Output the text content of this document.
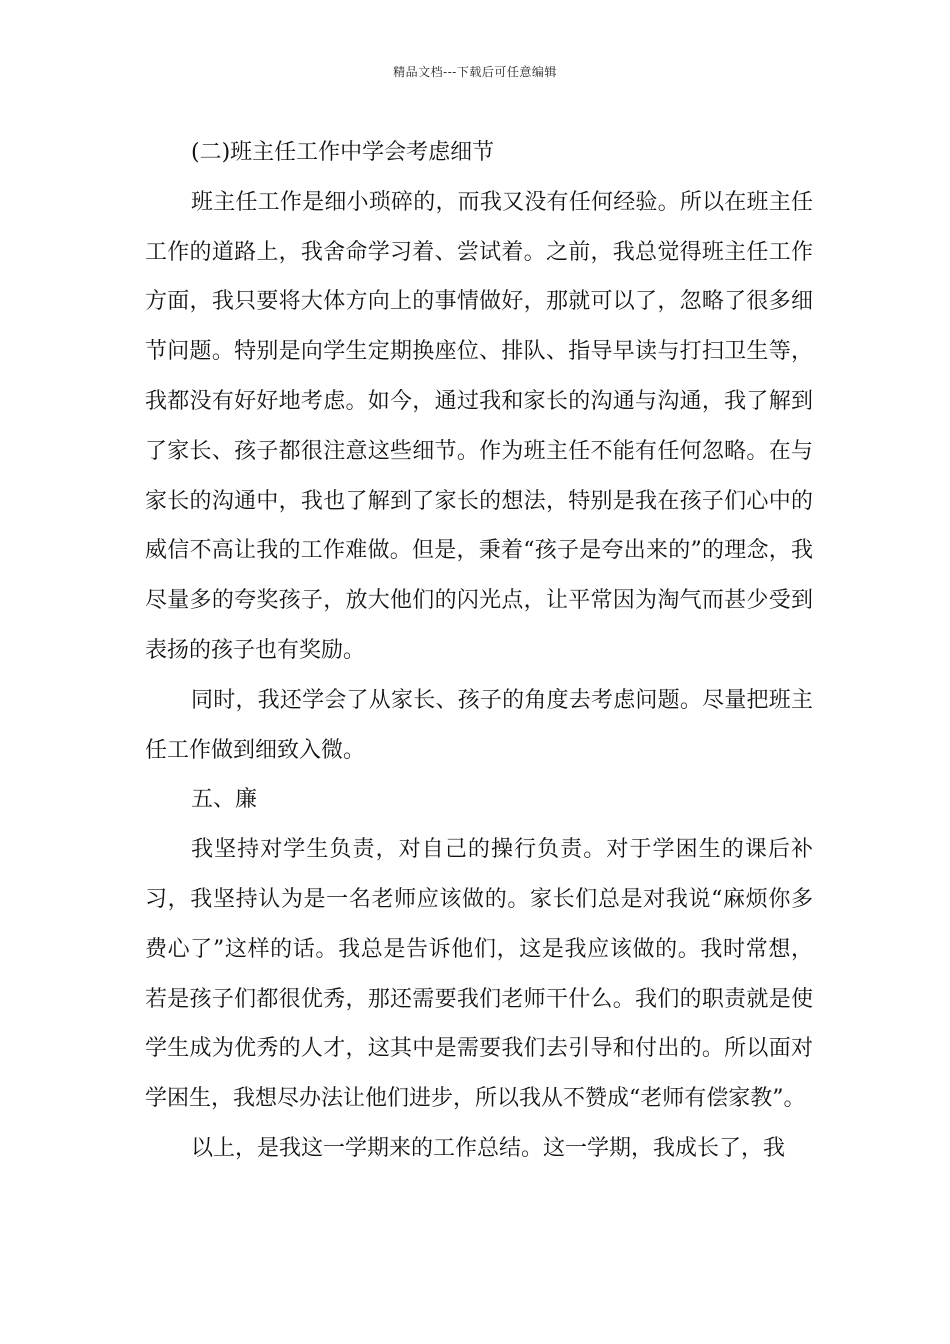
精品文档---下载后可任意编辑

(二)班主任工作中学会考虑细节

班主任工作是细小琐碎的，而我又没有任何经验。所以在班主任工作的道路上，我舍命学习着、尝试着。之前，我总觉得班主任工作方面，我只要将大体方向上的事情做好，那就可以了，忽略了很多细节问题。特别是向学生定期换座位、排队、指导早读与打扫卫生等，我都没有好好地考虑。如今，通过我和家长的沟通与沟通，我了解到了家长、孩子都很注意这些细节。作为班主任不能有任何忽略。在与家长的沟通中，我也了解到了家长的想法，特别是我在孩子们心中的威信不高让我的工作难做。但是，秉着“孩子是夸出来的”的理念，我尽量多的夸奖孩子，放大他们的闪光点，让平常因为淘气而甚少受到表扬的孩子也有奖励。

同时，我还学会了从家长、孩子的角度去考虑问题。尽量把班主任工作做到细致入微。

五、廉

我坚持对学生负责，对自己的操行负责。对于学困生的课后补习，我坚持认为是一名老师应该做的。家长们总是对我说“麻烦你多费心了”这样的话。我总是告诉他们，这是我应该做的。我时常想，若是孩子们都很优秀，那还需要我们老师干什么。我们的职责就是使学生成为优秀的人才，这其中是需要我们去引导和付出的。所以面对学困生，我想尽办法让他们进步，所以我从不赞成“老师有偿家教”。

以上，是我这一学期来的工作总结。这一学期，我成长了，我
